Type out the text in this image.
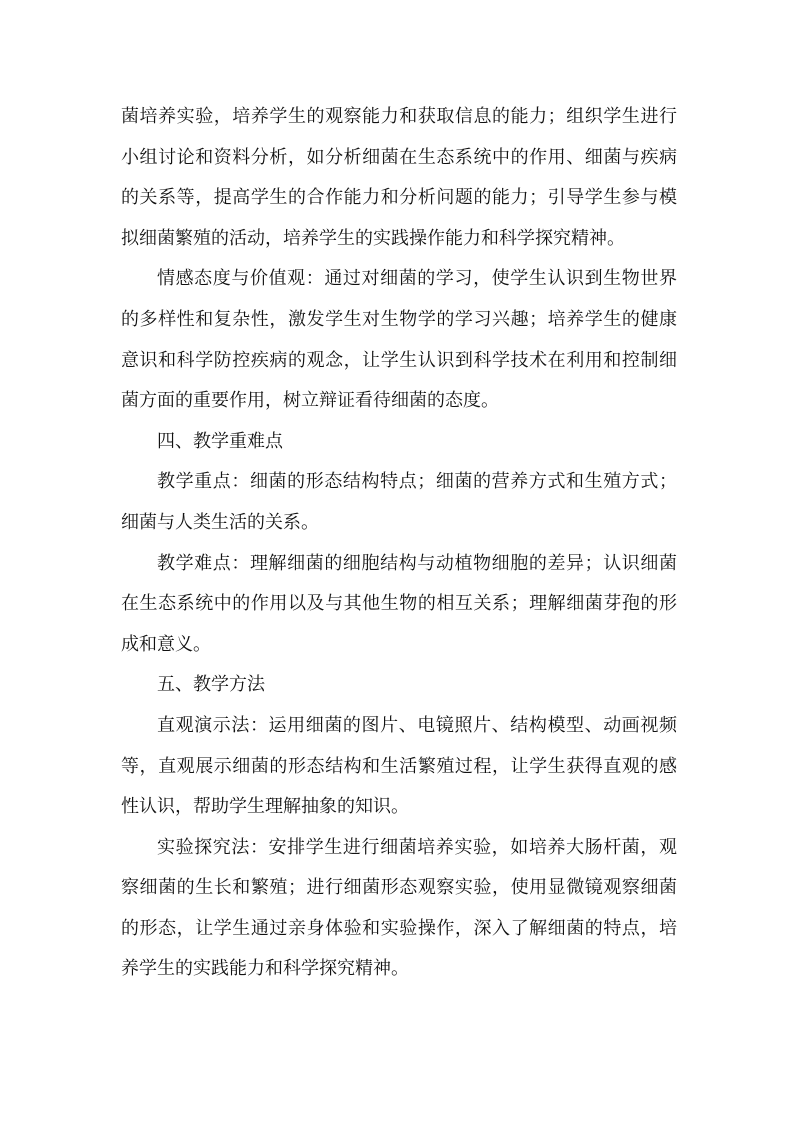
菌培养实验，培养学生的观察能力和获取信息的能力；组织学生进行小组讨论和资料分析，如分析细菌在生态系统中的作用、细菌与疾病的关系等，提高学生的合作能力和分析问题的能力；引导学生参与模拟细菌繁殖的活动，培养学生的实践操作能力和科学探究精神。

情感态度与价值观：通过对细菌的学习，使学生认识到生物世界的多样性和复杂性，激发学生对生物学的学习兴趣；培养学生的健康意识和科学防控疾病的观念，让学生认识到科学技术在利用和控制细菌方面的重要作用，树立辩证看待细菌的态度。

四、教学重难点

教学重点：细菌的形态结构特点；细菌的营养方式和生殖方式；细菌与人类生活的关系。

教学难点：理解细菌的细胞结构与动植物细胞的差异；认识细菌在生态系统中的作用以及与其他生物的相互关系；理解细菌芽孢的形成和意义。

五、教学方法

直观演示法：运用细菌的图片、电镜照片、结构模型、动画视频等，直观展示细菌的形态结构和生活繁殖过程，让学生获得直观的感性认识，帮助学生理解抽象的知识。

实验探究法：安排学生进行细菌培养实验，如培养大肠杆菌，观察细菌的生长和繁殖；进行细菌形态观察实验，使用显微镜观察细菌的形态，让学生通过亲身体验和实验操作，深入了解细菌的特点，培养学生的实践能力和科学探究精神。
